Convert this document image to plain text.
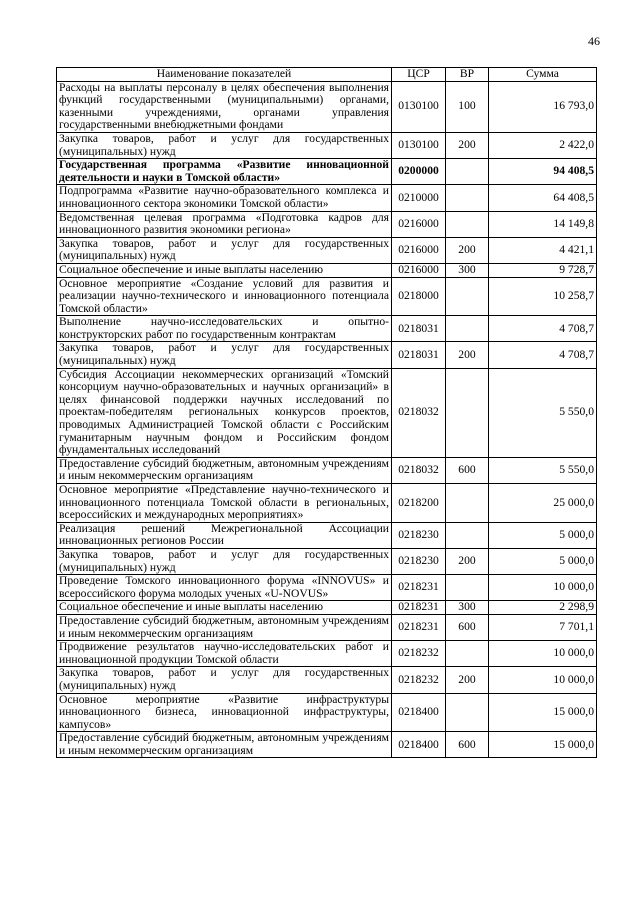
46
Наименование показателей	ЦСР	ВР	Сумма
Расходы на выплаты персоналу в целях обеспечения выполнения функций государственными (муниципальными) органами, казенными учреждениями, органами управления государственными внебюджетными фондами	0130100	100	16 793,0
Закупка товаров, работ и услуг для государственных (муниципальных) нужд	0130100	200	2 422,0
Государственная программа «Развитие инновационной деятельности и науки в Томской области»	0200000		94 408,5
Подпрограмма «Развитие научно-образовательного комплекса и инновационного сектора экономики Томской области»	0210000		64 408,5
Ведомственная целевая программа «Подготовка кадров для инновационного развития экономики региона»	0216000		14 149,8
Закупка товаров, работ и услуг для государственных (муниципальных) нужд	0216000	200	4 421,1
Социальное обеспечение и иные выплаты населению	0216000	300	9 728,7
Основное мероприятие «Создание условий для развития и реализации научно-технического и инновационного потенциала Томской области»	0218000		10 258,7
Выполнение научно-исследовательских и опытно-конструкторских работ по государственным контрактам	0218031		4 708,7
Закупка товаров, работ и услуг для государственных (муниципальных) нужд	0218031	200	4 708,7
Субсидия Ассоциации некоммерческих организаций «Томский консорциум научно-образовательных и научных организаций» в целях финансовой поддержки научных исследований по проектам-победителям региональных конкурсов проектов, проводимых Администрацией Томской области с Российским гуманитарным научным фондом и Российским фондом фундаментальных исследований	0218032		5 550,0
Предоставление субсидий бюджетным, автономным учреждениям и иным некоммерческим организациям	0218032	600	5 550,0
Основное мероприятие «Представление научно-технического и инновационного потенциала Томской области в региональных, всероссийских и международных мероприятиях»	0218200		25 000,0
Реализация решений Межрегиональной Ассоциации инновационных регионов России	0218230		5 000,0
Закупка товаров, работ и услуг для государственных (муниципальных) нужд	0218230	200	5 000,0
Проведение Томского инновационного форума «INNOVUS» и всероссийского форума молодых ученых «U-NOVUS»	0218231		10 000,0
Социальное обеспечение и иные выплаты населению	0218231	300	2 298,9
Предоставление субсидий бюджетным, автономным учреждениям и иным некоммерческим организациям	0218231	600	7 701,1
Продвижение результатов научно-исследовательских работ и инновационной продукции Томской области	0218232		10 000,0
Закупка товаров, работ и услуг для государственных (муниципальных) нужд	0218232	200	10 000,0
Основное мероприятие «Развитие инфраструктуры инновационного бизнеса, инновационной инфраструктуры, кампусов»	0218400		15 000,0
Предоставление субсидий бюджетным, автономным учреждениям и иным некоммерческим организациям	0218400	600	15 000,0
